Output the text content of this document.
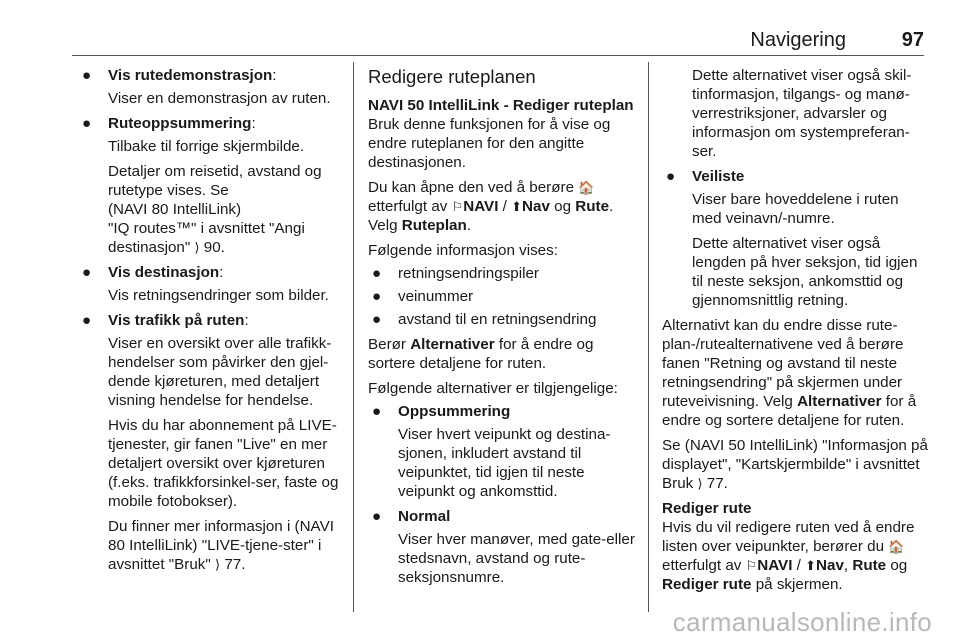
Navigering	97
● Vis rutedemonstrasjon:

Viser en demonstrasjon av ruten.

● Ruteoppsummering:

Tilbake til forrige skjermbilde.

Detaljer om reisetid, avstand og
rutetype vises. Se
(NAVI 80 IntelliLink)
"IQ routes™" i avsnittet "Angi
destinasjon" ⟩ 90.

● Vis destinasjon:

Vis retningsendringer som bilder.

● Vis trafikk på ruten:

Viser en oversikt over alle trafikk-hendelser som påvirker den gjel-dende kjøreturen, med detaljert visning hendelse for hendelse.

Hvis du har abonnement på LIVE-tjenester, gir fanen "Live" en mer detaljert oversikt over kjøreturen (f.eks. trafikkforsinkel-ser, faste og mobile fotobokser).

Du finner mer informasjon i (NAVI 80 IntelliLink) "LIVE-tjene-ster" i avsnittet "Bruk" ⟩ 77.

Redigere ruteplanen
NAVI 50 IntelliLink - Rediger ruteplan

Bruk denne funksjonen for å vise og endre ruteplanen for den angitte destinasjonen.

Du kan åpne den ved å berøre 🏠 etterfulgt av ⚐NAVI / ⬆Nav og Rute. Velg Ruteplan.

Følgende informasjon vises:

● retningsendringspiler
● veinummer
● avstand til en retningsendring

Berør Alternativer for å endre og sortere detaljene for ruten.

Følgende alternativer er tilgjengelige:

● Oppsummering

Viser hvert veipunkt og destina-sjonen, inkludert avstand til veipunktet, tid igjen til neste veipunkt og ankomsttid.

● Normal

Viser hver manøver, med gate-eller stedsnavn, avstand og rute-seksjonsnumre.

Dette alternativet viser også skil-tinformasjon, tilgangs- og manø-verrestriksjoner, advarsler og informasjon om systempreferan-ser.

● Veiliste

Viser bare hoveddelene i ruten med veinavn/-numre.

Dette alternativet viser også lengden på hver seksjon, tid igjen til neste seksjon, ankomsttid og gjennomsnittlig retning.

Alternativt kan du endre disse rute-plan-/rutealternativene ved å berøre fanen "Retning og avstand til neste retningsendring" på skjermen under ruteveivisning. Velg Alternativer for å endre og sortere detaljene for ruten.

Se (NAVI 50 IntelliLink) "Informasjon på displayet", "Kartskjermbilde" i avsnittet Bruk ⟩ 77.

Rediger rute

Hvis du vil redigere ruten ved å endre listen over veipunkter, berører du 🏠 etterfulgt av ⚐NAVI / ⬆Nav, Rute og Rediger rute på skjermen.

carmanualsonline.info
